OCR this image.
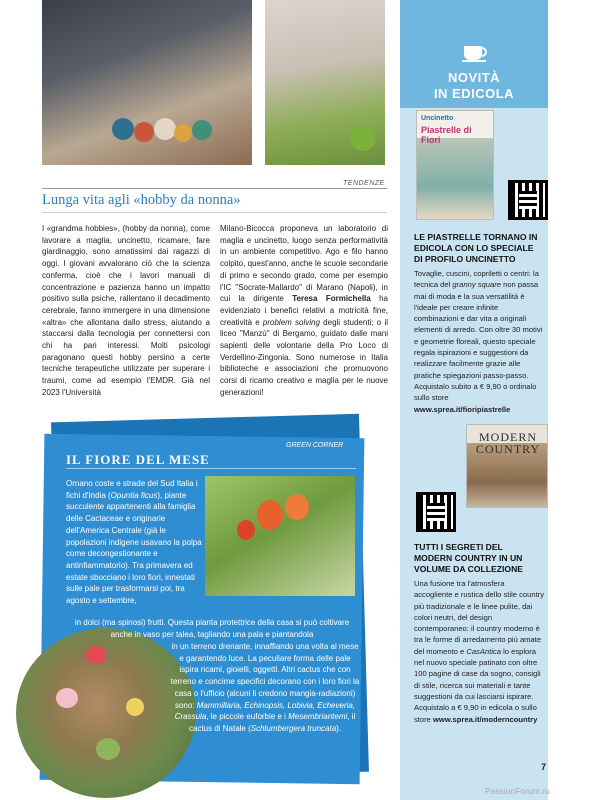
TENDENZE
Lunga vita agli «hobby da nonna»
I «grandma hobbies», (hobby da nonna), come lavorare a maglia, uncinetto, ricamare, fare giardinaggio, sono amatissimi dai ragazzi di oggi. I giovani avvalorano ciò che la scienza conferma, cioè che i lavori manuali di concentrazione e pazienza hanno un impatto positivo sulla psiche, rallentano il decadimento cerebrale, fanno immergere in una dimensione «altra» che allontana dallo stress, aiutando a staccarsi dalla tecnologia per connettersi con chi ha pari interessi. Molti psicologi paragonano questi hobby persino a certe tecniche terapeutiche utilizzate per superare i traumi, come ad esempio l'EMDR. Già nel 2023 l'Università
Milano-Bicocca proponeva un laboratorio di maglia e uncinetto, luogo senza performatività in un ambiente competitivo. Ago e filo hanno colpito, quest'anno, anche le scuole secondarie di primo e secondo grado, come per esempio l'IC "Socrate-Mallardo" di Marano (Napoli), in cui la dirigente Teresa Formichella ha evidenziato i benefici relativi a motricità fine, creatività e problem solving degli studenti; o il liceo "Manzù" di Bergamo, guidato dalle mani sapienti delle volontarie della Pro Loco di Verdellino-Zingonia. Sono numerose in Italia biblioteche e associazioni che promuovono corsi di ricamo creativo e maglia per le nuove generazioni!
GREEN CORNER
IL FIORE DEL MESE
Ornano coste e strade del Sud Italia i fichi d'India (Opuntia ficus), piante succulente appartenenti alla famiglia delle Cactaceae e originarie dell'America Centrale (già le popolazioni indigene usavano la polpa come decongestionante e antinfiammatorio). Tra primavera ed estate sbocciano i loro fiori, innestati sulle pale per trasformarsi poi, tra agosto e settembre,
in dolci (ma spinosi) frutti. Questa pianta protettrice della casa si può coltivare anche in vaso per talea, tagliando una pala e piantandola
in un terreno drenante, innaffiando una volta al mese e garantendo luce. La peculiare forma delle pale ispira ricami, gioielli, oggetti. Altri cactus che con terreno e concime specifici decorano con i loro fiori la casa o l'ufficio (alcuni li credono mangia-radiazioni) sono: Mammillaria, Echinopsis, Lobivia, Echeveria, Crassula, le piccole euforbie e i Mesembriantemi, il cactus di Natale (Schlumbergera truncata).
NOVITÀ
IN EDICOLA
Uncinetto
Piastrelle di Fiori
LE PIASTRELLE TORNANO IN EDICOLA CON LO SPECIALE DI PROFILO UNCINETTO
Tovaglie, cuscini, copriletti o centri: la tecnica del granny square non passa mai di moda e la sua versatilità è l'ideale per creare infinite combinazioni e dar vita a originali elementi di arredo. Con oltre 30 motivi e geometrie floreali, questo speciale regala ispirazioni e suggestioni da realizzare facilmente grazie alle pratiche spiegazioni passo-passo. Acquistalo subito a € 9,90 o ordinalo sullo store www.sprea.it/fioripiastrelle
MODERN COUNTRY
TUTTI I SEGRETI DEL MODERN COUNTRY IN UN VOLUME DA COLLEZIONE
Una fusione tra l'atmosfera accogliente e rustica dello stile country più tradizionale e le linee pulite, dai colori neutri, del design contemporaneo: il country moderno è tra le forme di arredamento più amate del momento e CasAntica lo esplora nel nuovo speciale patinato con oltre 100 pagine di case da sogno, consigli di stile, ricerca sui materiali e tante suggestioni da cui lasciarsi ispirare. Acquistalo a € 9,90 in edicola o sullo store www.sprea.it/moderncountry
7
PassionForum.ru
